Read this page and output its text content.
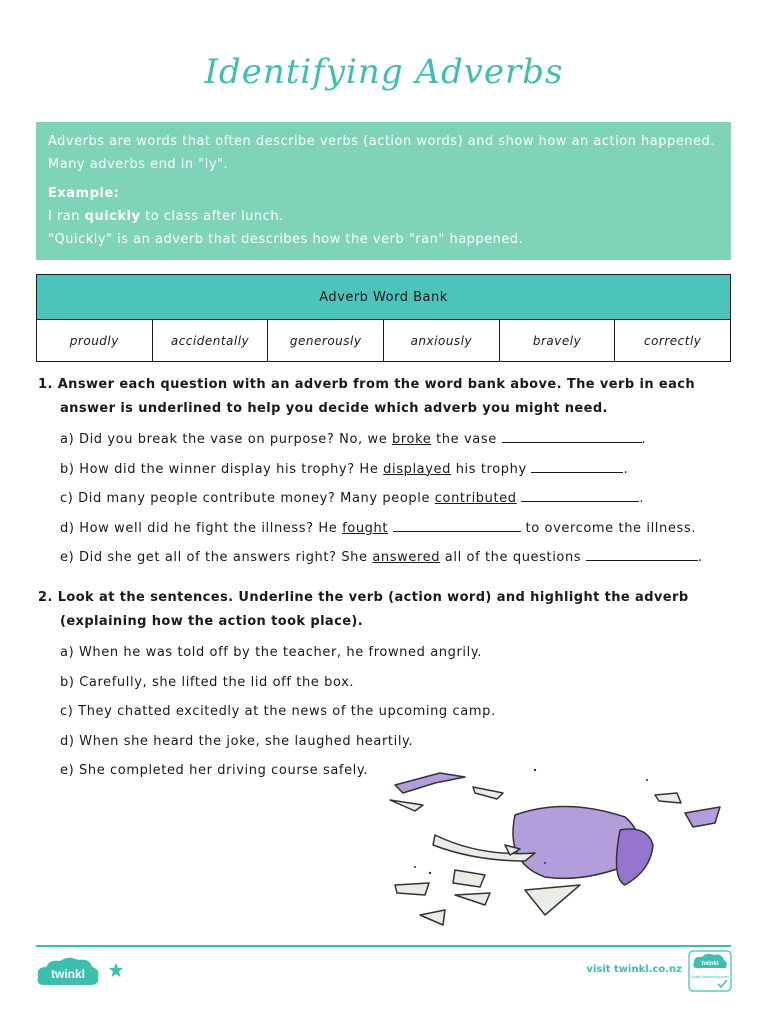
Identifying Adverbs
Adverbs are words that often describe verbs (action words) and show how an action happened.
Many adverbs end in "ly".
Example:
I ran quickly to class after lunch.
"Quickly" is an adverb that describes how the verb "ran" happened.
Adverb Word Bank
proudly	accidentally	generously	anxiously	bravely	correctly
1. Answer each question with an adverb from the word bank above. The verb in each answer is underlined to help you decide which adverb you might need.
a) Did you break the vase on purpose? No, we broke the vase	.
b) How did the winner display his trophy? He displayed his trophy	.
c) Did many people contribute money? Many people contributed	.
d) How well did he fight the illness? He fought	to overcome the illness.
e) Did she get all of the answers right? She answered all of the questions	.
2. Look at the sentences. Underline the verb (action word) and highlight the adverb (explaining how the action took place).
a) When he was told off by the teacher, he frowned angrily.
b) Carefully, she lifted the lid off the box.
c) They chatted excitedly at the news of the upcoming camp.
d) When she heard the joke, she laughed heartily.
e) She completed her driving course safely.
twinkl	visit twinkl.co.nz	twinkl
Quality Standard Approved
